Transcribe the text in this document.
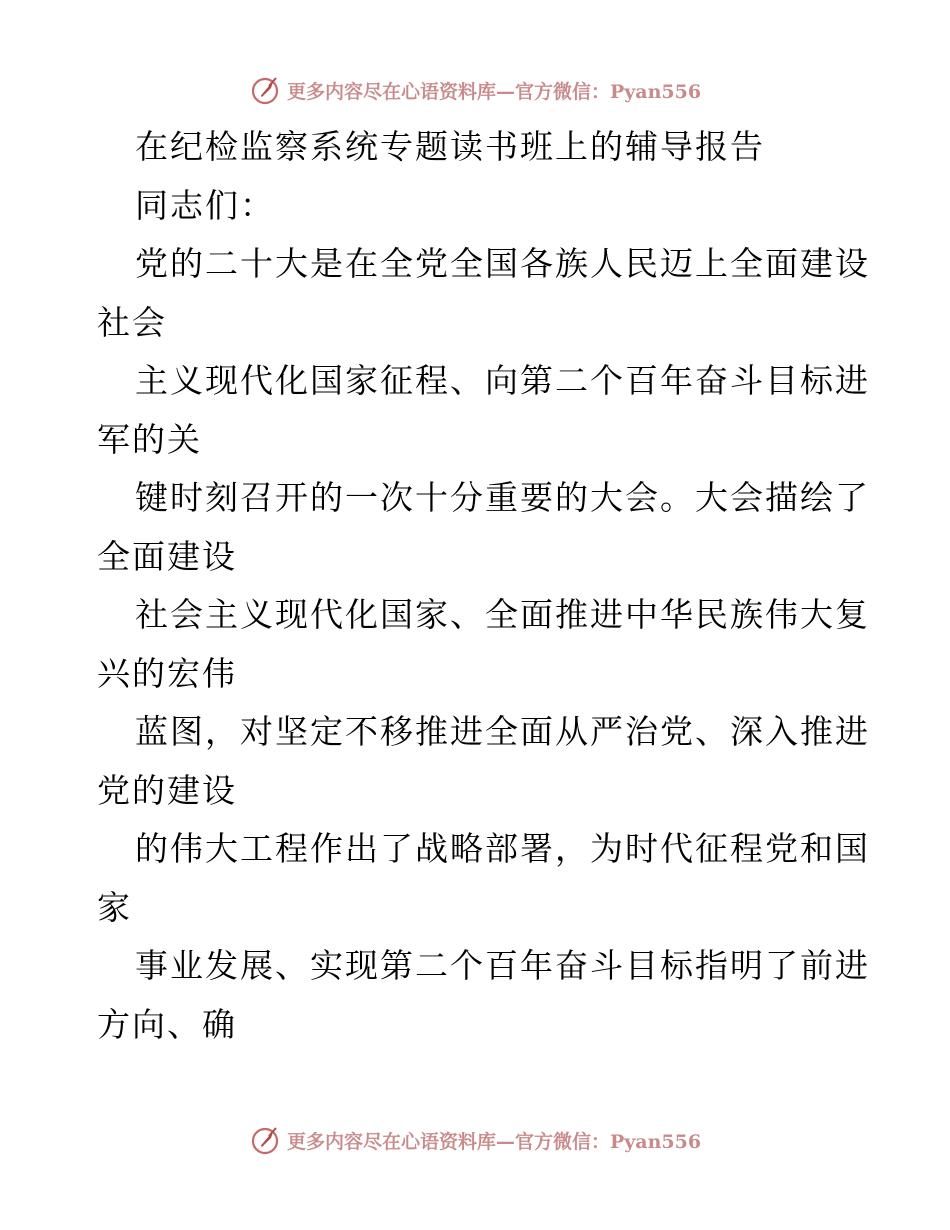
更多内容尽在心语资料库—官方微信：Pyan556
在纪检监察系统专题读书班上的辅导报告
同志们：
党的二十大是在全党全国各族人民迈上全面建设
社会
主义现代化国家征程、向第二个百年奋斗目标进
军的关
键时刻召开的一次十分重要的大会。大会描绘了
全面建设
社会主义现代化国家、全面推进中华民族伟大复
兴的宏伟
蓝图，对坚定不移推进全面从严治党、深入推进
党的建设
的伟大工程作出了战略部署，为时代征程党和国
家
事业发展、实现第二个百年奋斗目标指明了前进
方向、确
更多内容尽在心语资料库—官方微信：Pyan556
